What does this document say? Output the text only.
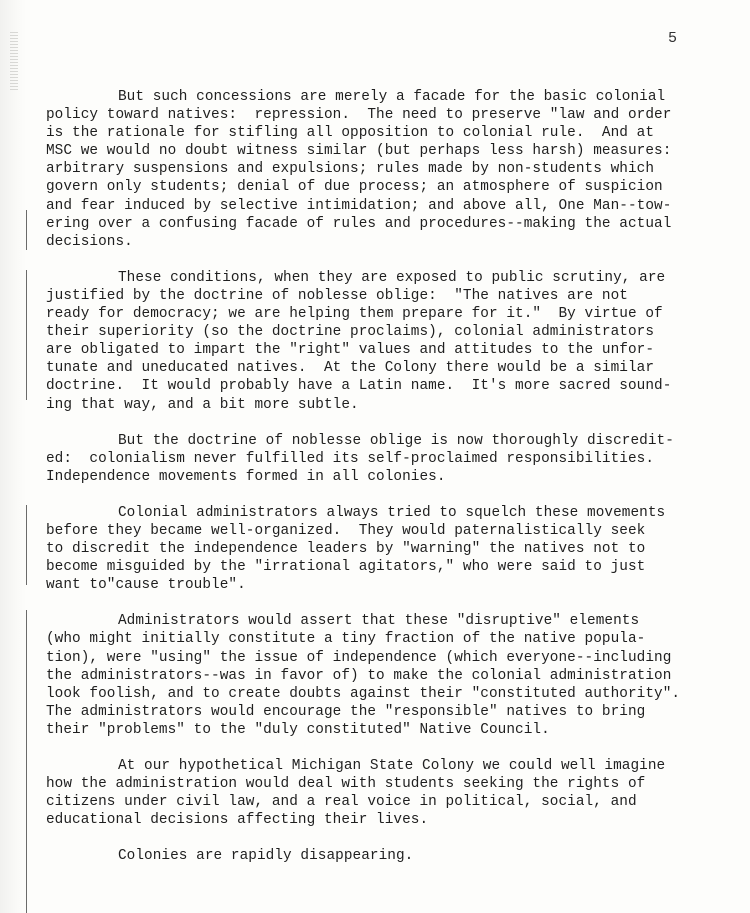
5
But such concessions are merely a facade for the basic colonial
policy toward natives:  repression.  The need to preserve "law and order
is the rationale for stifling all opposition to colonial rule.  And at
MSC we would no doubt witness similar (but perhaps less harsh) measures:
arbitrary suspensions and expulsions; rules made by non-students which
govern only students; denial of due process; an atmosphere of suspicion
and fear induced by selective intimidation; and above all, One Man--tow-
ering over a confusing facade of rules and procedures--making the actual
decisions.
These conditions, when they are exposed to public scrutiny, are
justified by the doctrine of noblesse oblige:  "The natives are not
ready for democracy; we are helping them prepare for it."  By virtue of
their superiority (so the doctrine proclaims), colonial administrators
are obligated to impart the "right" values and attitudes to the unfor-
tunate and uneducated natives.  At the Colony there would be a similar
doctrine.  It would probably have a Latin name.  It's more sacred sound-
ing that way, and a bit more subtle.
But the doctrine of noblesse oblige is now thoroughly discredit-
ed:  colonialism never fulfilled its self-proclaimed responsibilities.
Independence movements formed in all colonies.
Colonial administrators always tried to squelch these movements
before they became well-organized.  They would paternalistically seek
to discredit the independence leaders by "warning" the natives not to
become misguided by the "irrational agitators," who were said to just
want to"cause trouble".
Administrators would assert that these "disruptive" elements
(who might initially constitute a tiny fraction of the native popula-
tion), were "using" the issue of independence (which everyone--including
the administrators--was in favor of) to make the colonial administration
look foolish, and to create doubts against their "constituted authority".
The administrators would encourage the "responsible" natives to bring
their "problems" to the "duly constituted" Native Council.
At our hypothetical Michigan State Colony we could well imagine
how the administration would deal with students seeking the rights of
citizens under civil law, and a real voice in political, social, and
educational decisions affecting their lives.
Colonies are rapidly disappearing.
